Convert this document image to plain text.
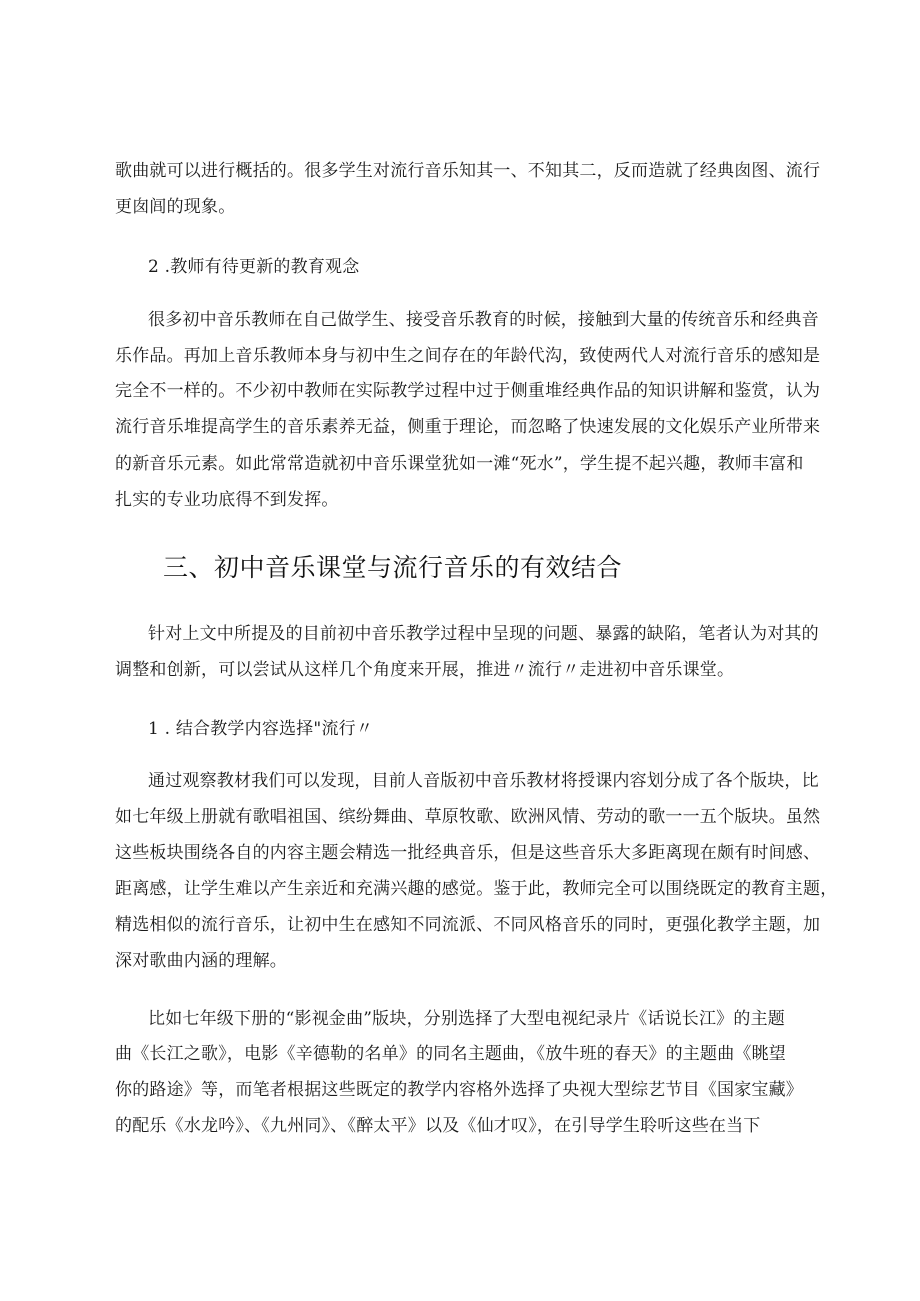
歌曲就可以进行概括的。很多学生对流行音乐知其一、不知其二，反而造就了经典囱图、流行
更囱闾的现象。
2 .教师有待更新的教育观念
很多初中音乐教师在自己做学生、接受音乐教育的时候，接触到大量的传统音乐和经典音
乐作品。再加上音乐教师本身与初中生之间存在的年龄代沟，致使两代人对流行音乐的感知是
完全不一样的。不少初中教师在实际教学过程中过于侧重堆经典作品的知识讲解和鉴赏，认为
流行音乐堆提高学生的音乐素养无益，侧重于理论，而忽略了快速发展的文化娱乐产业所带来
的新音乐元素。如此常常造就初中音乐课堂犹如一滩“死水”，学生提不起兴趣，教师丰富和
扎实的专业功底得不到发挥。
三、初中音乐课堂与流行音乐的有效结合
针对上文中所提及的目前初中音乐教学过程中呈现的问题、暴露的缺陷，笔者认为对其的
调整和创新，可以尝试从这样几个角度来开展，推进〃流行〃走进初中音乐课堂。
1 . 结合教学内容选择"流行〃
通过观察教材我们可以发现，目前人音版初中音乐教材将授课内容划分成了各个版块，比
如七年级上册就有歌唱祖国、缤纷舞曲、草原牧歌、欧洲风情、劳动的歌一一五个版块。虽然
这些板块围绕各自的内容主题会精选一批经典音乐，但是这些音乐大多距离现在颇有时间感、
距离感，让学生难以产生亲近和充满兴趣的感觉。鉴于此，教师完全可以围绕既定的教育主题，
精选相似的流行音乐，让初中生在感知不同流派、不同风格音乐的同时，更强化教学主题，加
深对歌曲内涵的理解。
比如七年级下册的“影视金曲”版块，分别选择了大型电视纪录片《话说长江》的主题
曲《长江之歌》，电影《辛德勒的名单》的同名主题曲，《放牛班的春天》的主题曲《眺望
你的路途》等，而笔者根据这些既定的教学内容格外选择了央视大型综艺节目《国家宝藏》
的配乐《水龙吟》、《九州同》、《醉太平》以及《仙才叹》，在引导学生聆听这些在当下
